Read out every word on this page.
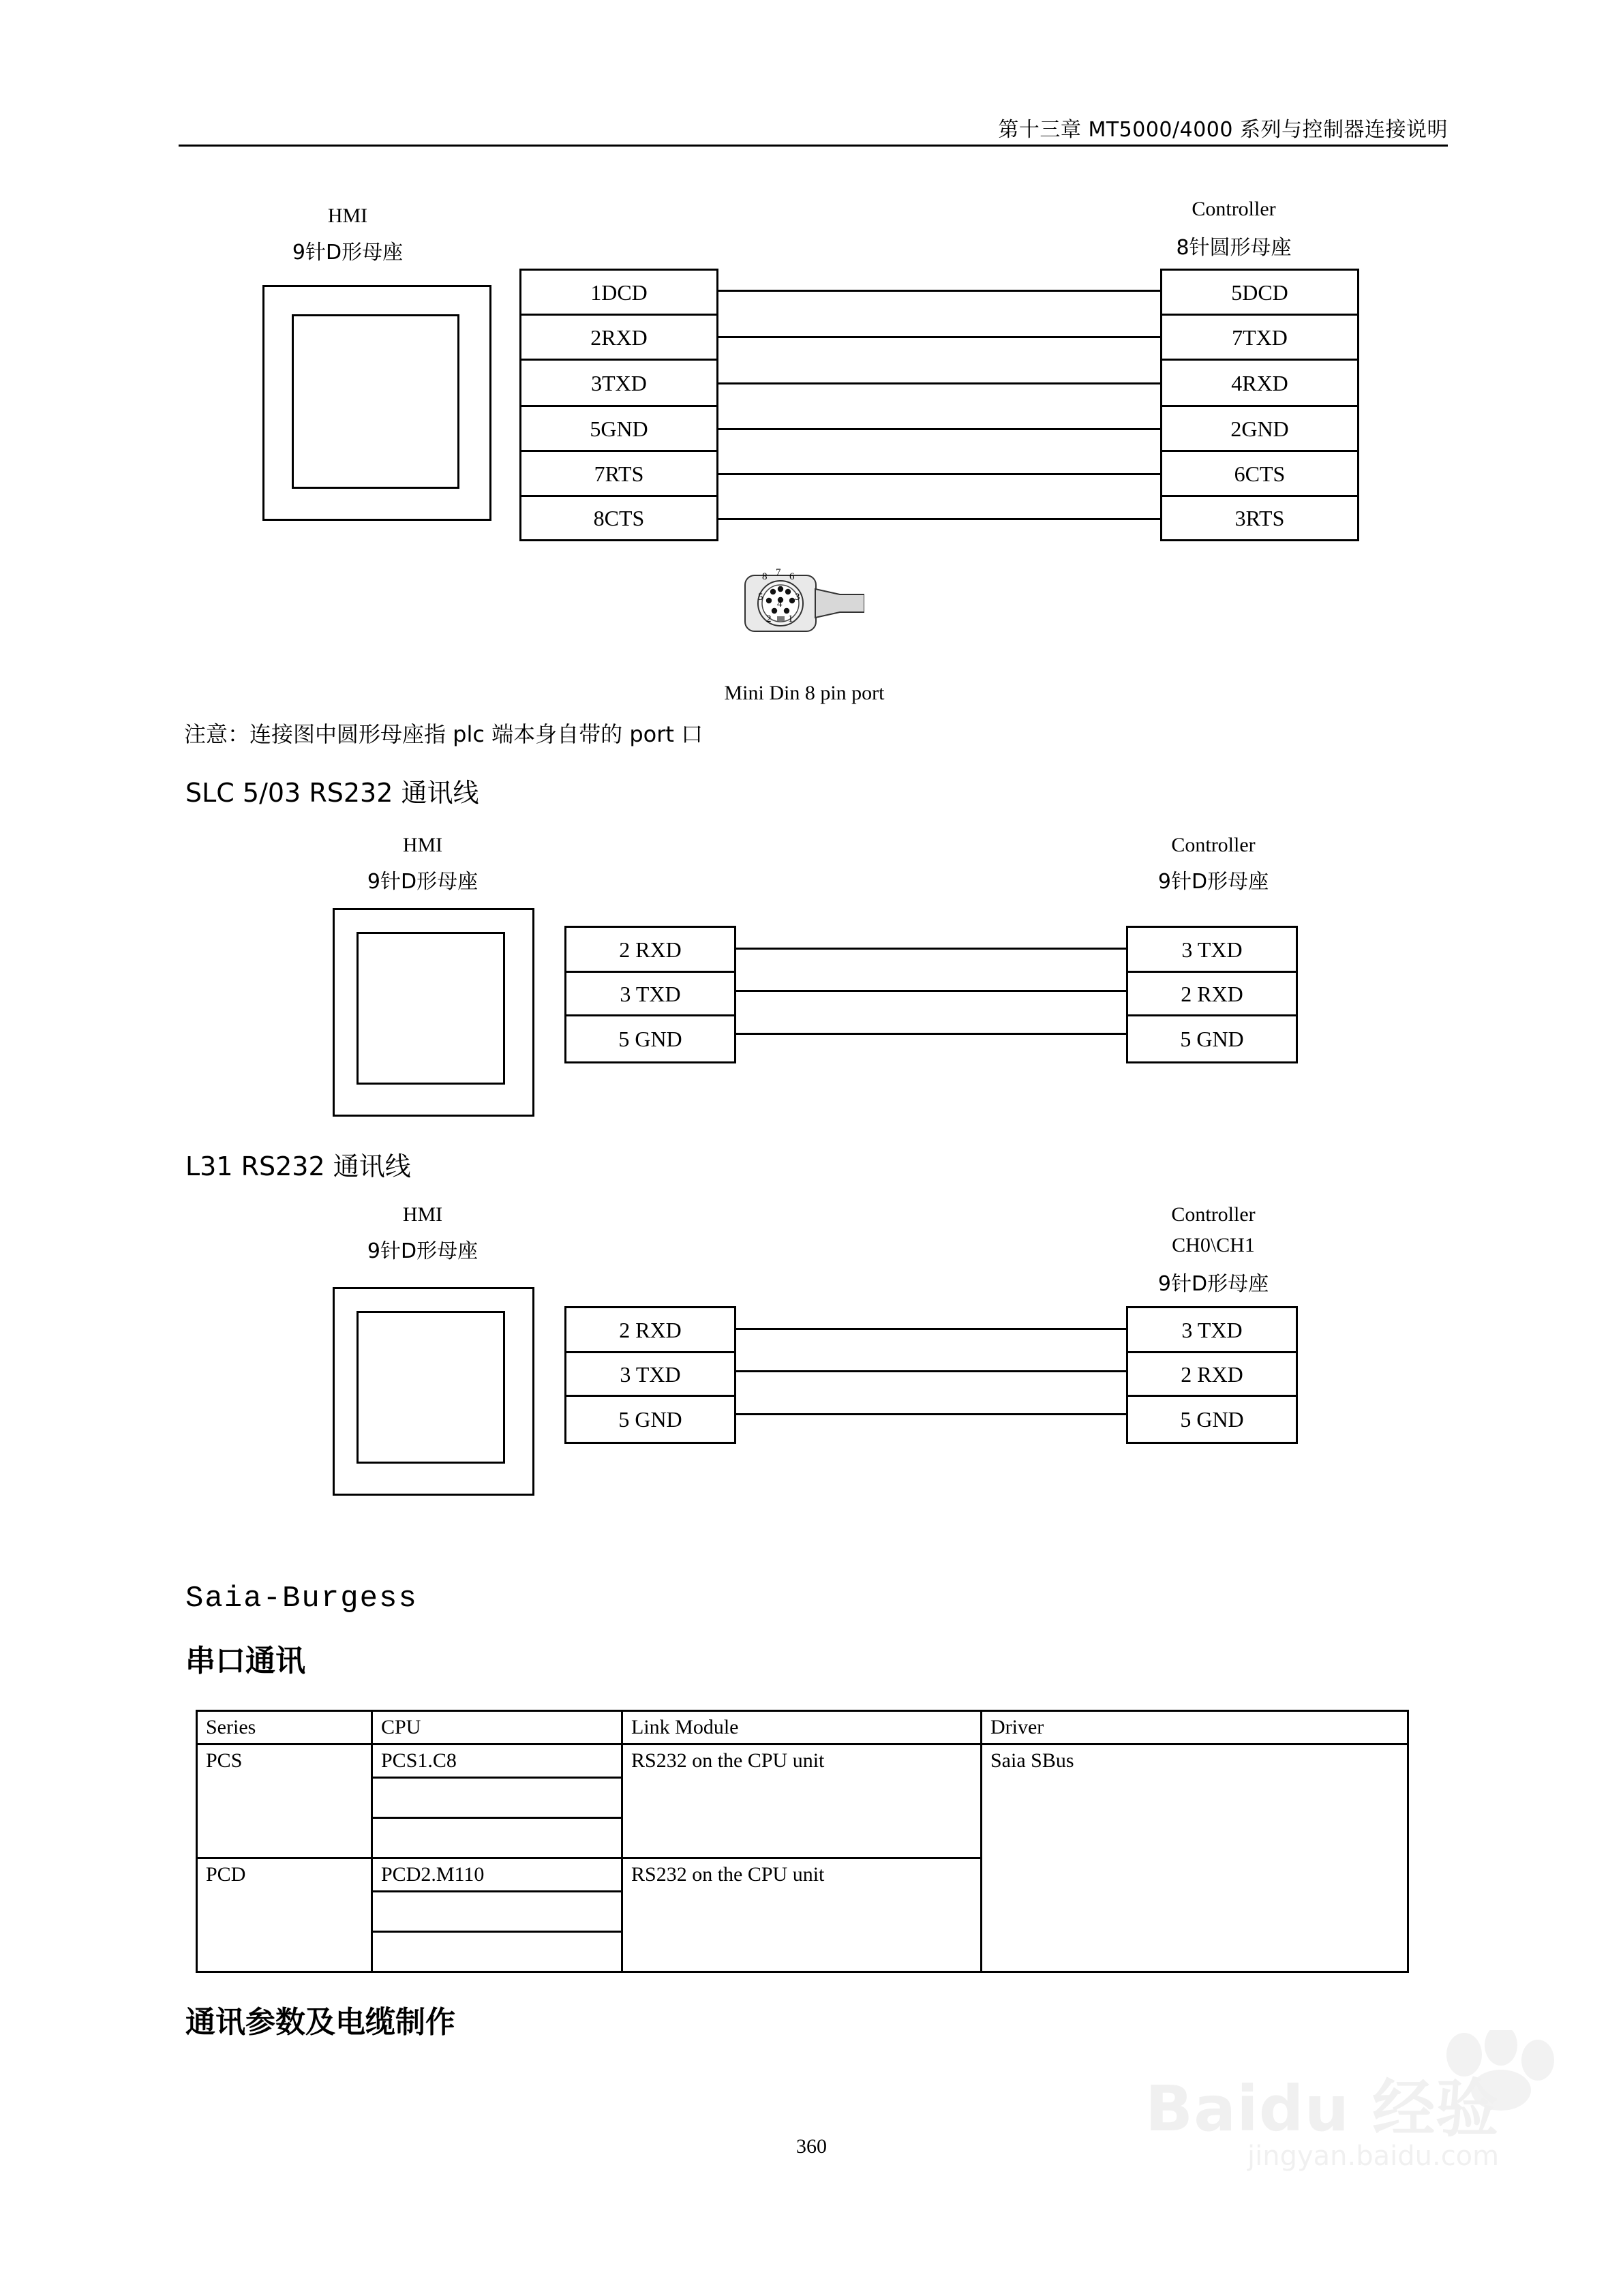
第十三章 MT5000/4000 系列与控制器连接说明
HMI
9针D形母座
Controller
8针圆形母座
1DCD
2RXD
3TXD
5GND
7RTS
8CTS
5DCD
7TXD
4RXD
2GND
6CTS
3RTS
8 7 6
5
4
3
2 1
Mini Din 8 pin port
注意：连接图中圆形母座指 plc 端本身自带的 port 口
SLC 5/03 RS232 通讯线
HMI
9针D形母座
Controller
9针D形母座
2 RXD
3 TXD
5 GND
3 TXD
2 RXD
5 GND
L31 RS232 通讯线
HMI
9针D形母座
Controller
CH0\CH1
9针D形母座
2 RXD
3 TXD
5 GND
3 TXD
2 RXD
5 GND
Saia-Burgess
串口通讯
Series	CPU	Link Module	Driver
PCS	PCS1.C8	RS232 on the CPU unit	Saia SBus

PCD	PCD2.M110	RS232 on the CPU unit	

通讯参数及电缆制作
Baidu 经验
jingyan.baidu.com
360
